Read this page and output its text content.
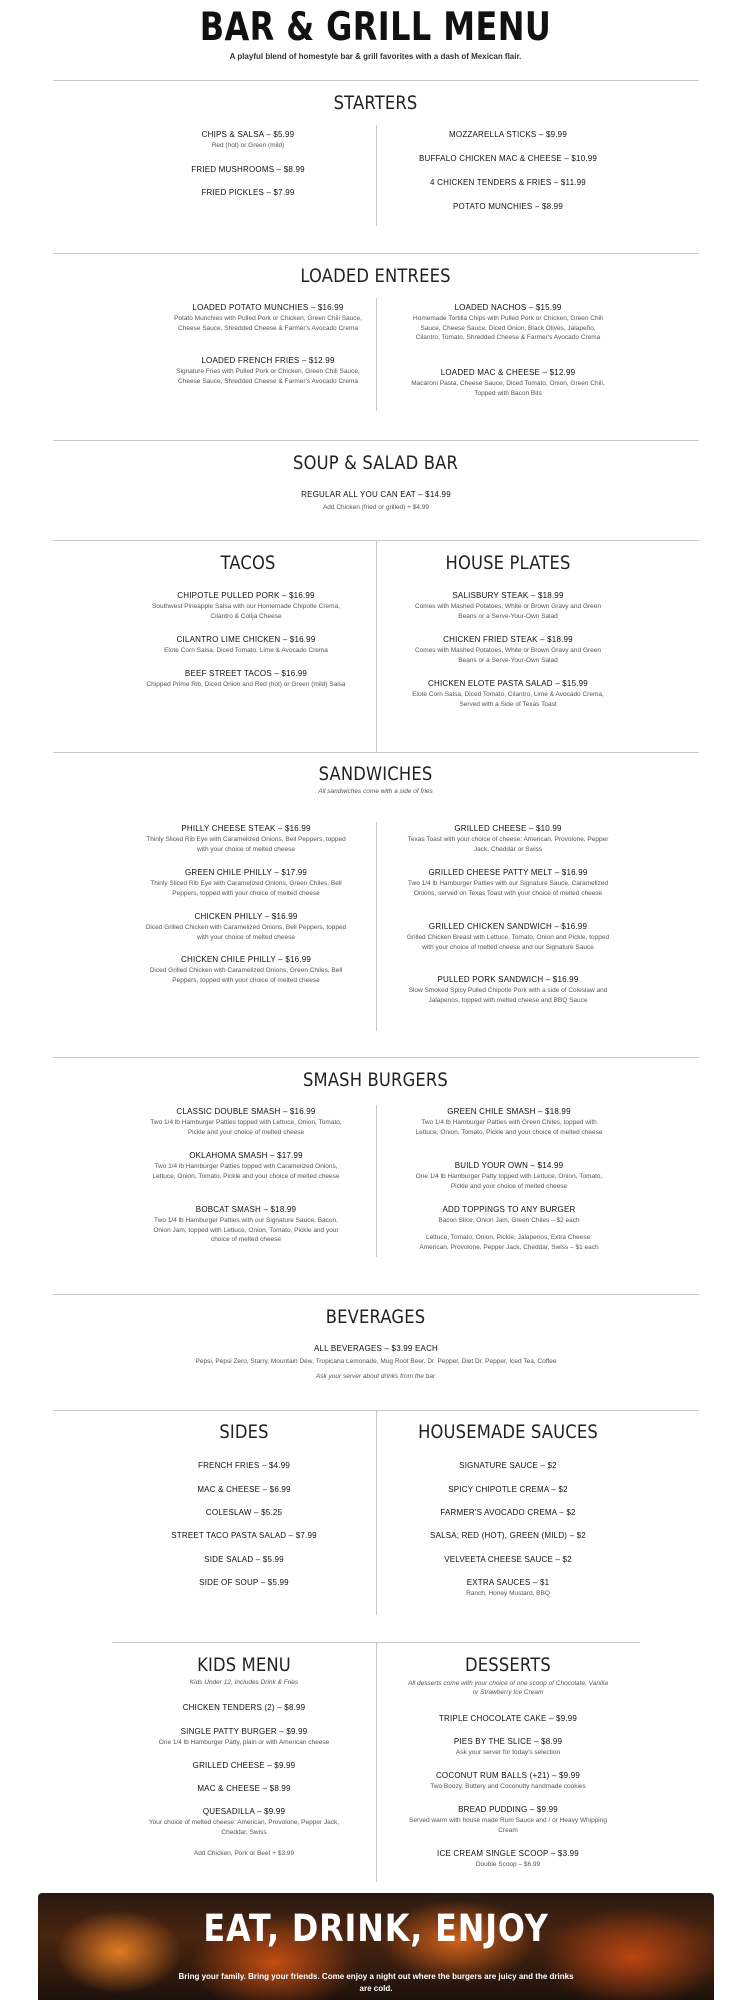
BAR & GRILL MENU
A playful blend of homestyle bar & grill favorites with a dash of Mexican flair.
STARTERS
CHIPS & SALSA – $5.99
Red (hot) or Green (mild)
FRIED MUSHROOMS – $8.99
FRIED PICKLES – $7.99
MOZZARELLA STICKS – $9.99
BUFFALO CHICKEN MAC & CHEESE – $10.99
4 CHICKEN TENDERS & FRIES – $11.99
POTATO MUNCHIES – $8.99
LOADED ENTREES
LOADED POTATO MUNCHIES – $16.99
Potato Munchies with Pulled Pork or Chicken, Green Chili Sauce, Cheese Sauce, Shredded Cheese & Farmer's Avocado Crema
LOADED FRENCH FRIES – $12.99
Signature Fries with Pulled Pork or Chicken, Green Chili Sauce, Cheese Sauce, Shredded Cheese & Farmer's Avocado Crema
LOADED NACHOS – $15.99
Homemade Tortilla Chips with Pulled Pork or Chicken, Green Chili Sauce, Cheese Sauce, Diced Onion, Black Olives, Jalapeño, Cilantro, Tomato, Shredded Cheese & Farmer's Avocado Crema
LOADED MAC & CHEESE – $12.99
Macaroni Pasta, Cheese Sauce, Diced Tomato, Onion, Green Chili, Topped with Bacon Bits
SOUP & SALAD BAR
REGULAR ALL YOU CAN EAT – $14.99
Add Chicken (fried or grilled) + $4.99
TACOS
CHIPOTLE PULLED PORK – $16.99
Southwest Pineapple Salsa with our Homemade Chipotle Crema, Cilantro & Cotija Cheese
CILANTRO LIME CHICKEN – $16.99
Elote Corn Salsa, Diced Tomato, Lime & Avocado Crema
BEEF STREET TACOS – $16.99
Chipped Prime Rib, Diced Onion and Red (hot) or Green (mild) Salsa
HOUSE PLATES
SALISBURY STEAK – $18.99
Comes with Mashed Potatoes, White or Brown Gravy and Green Beans or a Serve-Your-Own Salad
CHICKEN FRIED STEAK – $18.99
Comes with Mashed Potatoes, White or Brown Gravy and Green Beans or a Serve-Your-Own Salad
CHICKEN ELOTE PASTA SALAD – $15.99
Elote Corn Salsa, Diced Tomato, Cilantro, Lime & Avocado Crema, Served with a Side of Texas Toast
SANDWICHES
All sandwiches come with a side of fries
PHILLY CHEESE STEAK – $16.99
Thinly Sliced Rib Eye with Caramelized Onions, Bell Peppers, topped with your choice of melted cheese
GREEN CHILE PHILLY – $17.99
Thinly Sliced Rib Eye with Caramelized Onions, Green Chiles, Bell Peppers, topped with your choice of melted cheese
CHICKEN PHILLY – $16.99
Diced Grilled Chicken with Caramelized Onions, Bell Peppers, topped with your choice of melted cheese
CHICKEN CHILE PHILLY – $16.99
Diced Grilled Chicken with Caramelized Onions, Green Chiles, Bell Peppers, topped with your choice of melted cheese
GRILLED CHEESE – $10.99
Texas Toast with your choice of cheese: American, Provolone, Pepper Jack, Cheddar or Swiss
GRILLED CHEESE PATTY MELT – $16.99
Two 1/4 lb Hamburger Patties with our Signature Sauce, Caramelized Onions, served on Texas Toast with your choice of melted cheese
GRILLED CHICKEN SANDWICH – $16.99
Grilled Chicken Breast with Lettuce, Tomato, Onion and Pickle, topped with your choice of melted cheese and our Signature Sauce
PULLED PORK SANDWICH – $16.99
Slow Smoked Spicy Pulled Chipotle Pork with a side of Coleslaw and Jalapenos, topped with melted cheese and BBQ Sauce
SMASH BURGERS
CLASSIC DOUBLE SMASH – $16.99
Two 1/4 lb Hamburger Patties topped with Lettuce, Onion, Tomato, Pickle and your choice of melted cheese
OKLAHOMA SMASH – $17.99
Two 1/4 lb Hamburger Patties topped with Caramelized Onions, Lettuce, Onion, Tomato, Pickle and your choice of melted cheese
BOBCAT SMASH – $18.99
Two 1/4 lb Hamburger Patties with our Signature Sauce, Bacon, Onion Jam, topped with Lettuce, Onion, Tomato, Pickle and your choice of melted cheese
GREEN CHILE SMASH – $18.99
Two 1/4 lb Hamburger Patties with Green Chiles, topped with Lettuce, Onion, Tomato, Pickle and your choice of melted cheese
BUILD YOUR OWN – $14.99
One 1/4 lb Hamburger Patty topped with Lettuce, Onion, Tomato, Pickle and your choice of melted cheese
ADD TOPPINGS TO ANY BURGER
Bacon Slice, Onion Jam, Green Chiles – $2 each
Lettuce, Tomato, Onion, Pickle, Jalapenos, Extra Cheese: American, Provolone, Pepper Jack, Cheddar, Swiss – $1 each
BEVERAGES
ALL BEVERAGES – $3.99 EACH
Pepsi, Pepsi Zero, Starry, Mountain Dew, Tropicana Lemonade, Mug Root Beer, Dr. Pepper, Diet Dr. Pepper, Iced Tea, Coffee
Ask your server about drinks from the bar
SIDES
FRENCH FRIES – $4.99
MAC & CHEESE – $6.99
COLESLAW – $5.25
STREET TACO PASTA SALAD – $7.99
SIDE SALAD – $5.99
SIDE OF SOUP – $5.99
HOUSEMADE SAUCES
SIGNATURE SAUCE – $2
SPICY CHIPOTLE CREMA – $2
FARMER'S AVOCADO CREMA – $2
SALSA; RED (HOT), GREEN (MILD) – $2
VELVEETA CHEESE SAUCE – $2
EXTRA SAUCES – $1
Ranch, Honey Mustard, BBQ
KIDS MENU
Kids Under 12, Includes Drink & Fries
CHICKEN TENDERS (2) – $8.99
SINGLE PATTY BURGER – $9.99
One 1/4 lb Hamburger Patty, plain or with American cheese
GRILLED CHEESE – $9.99
MAC & CHEESE – $8.99
QUESADILLA – $9.99
Your choice of melted cheese: American, Provolone, Pepper Jack, Cheddar, Swiss
Add Chicken, Pork or Beef + $3.99
DESSERTS
All desserts come with your choice of one scoop of Chocolate, Vanilla or Strawberry Ice Cream
TRIPLE CHOCOLATE CAKE – $9.99
PIES BY THE SLICE – $8.99
Ask your server for today's selection
COCONUT RUM BALLS (+21) – $9.99
Two Boozy, Buttery and Coconutty handmade cookies
BREAD PUDDING – $9.99
Served warm with house made Rum Sauce and / or Heavy Whipping Cream
ICE CREAM SINGLE SCOOP – $3.99
Double Scoop – $6.99
EAT, DRINK, ENJOY
Bring your family. Bring your friends. Come enjoy a night out where the burgers are juicy and the drinks are cold.
